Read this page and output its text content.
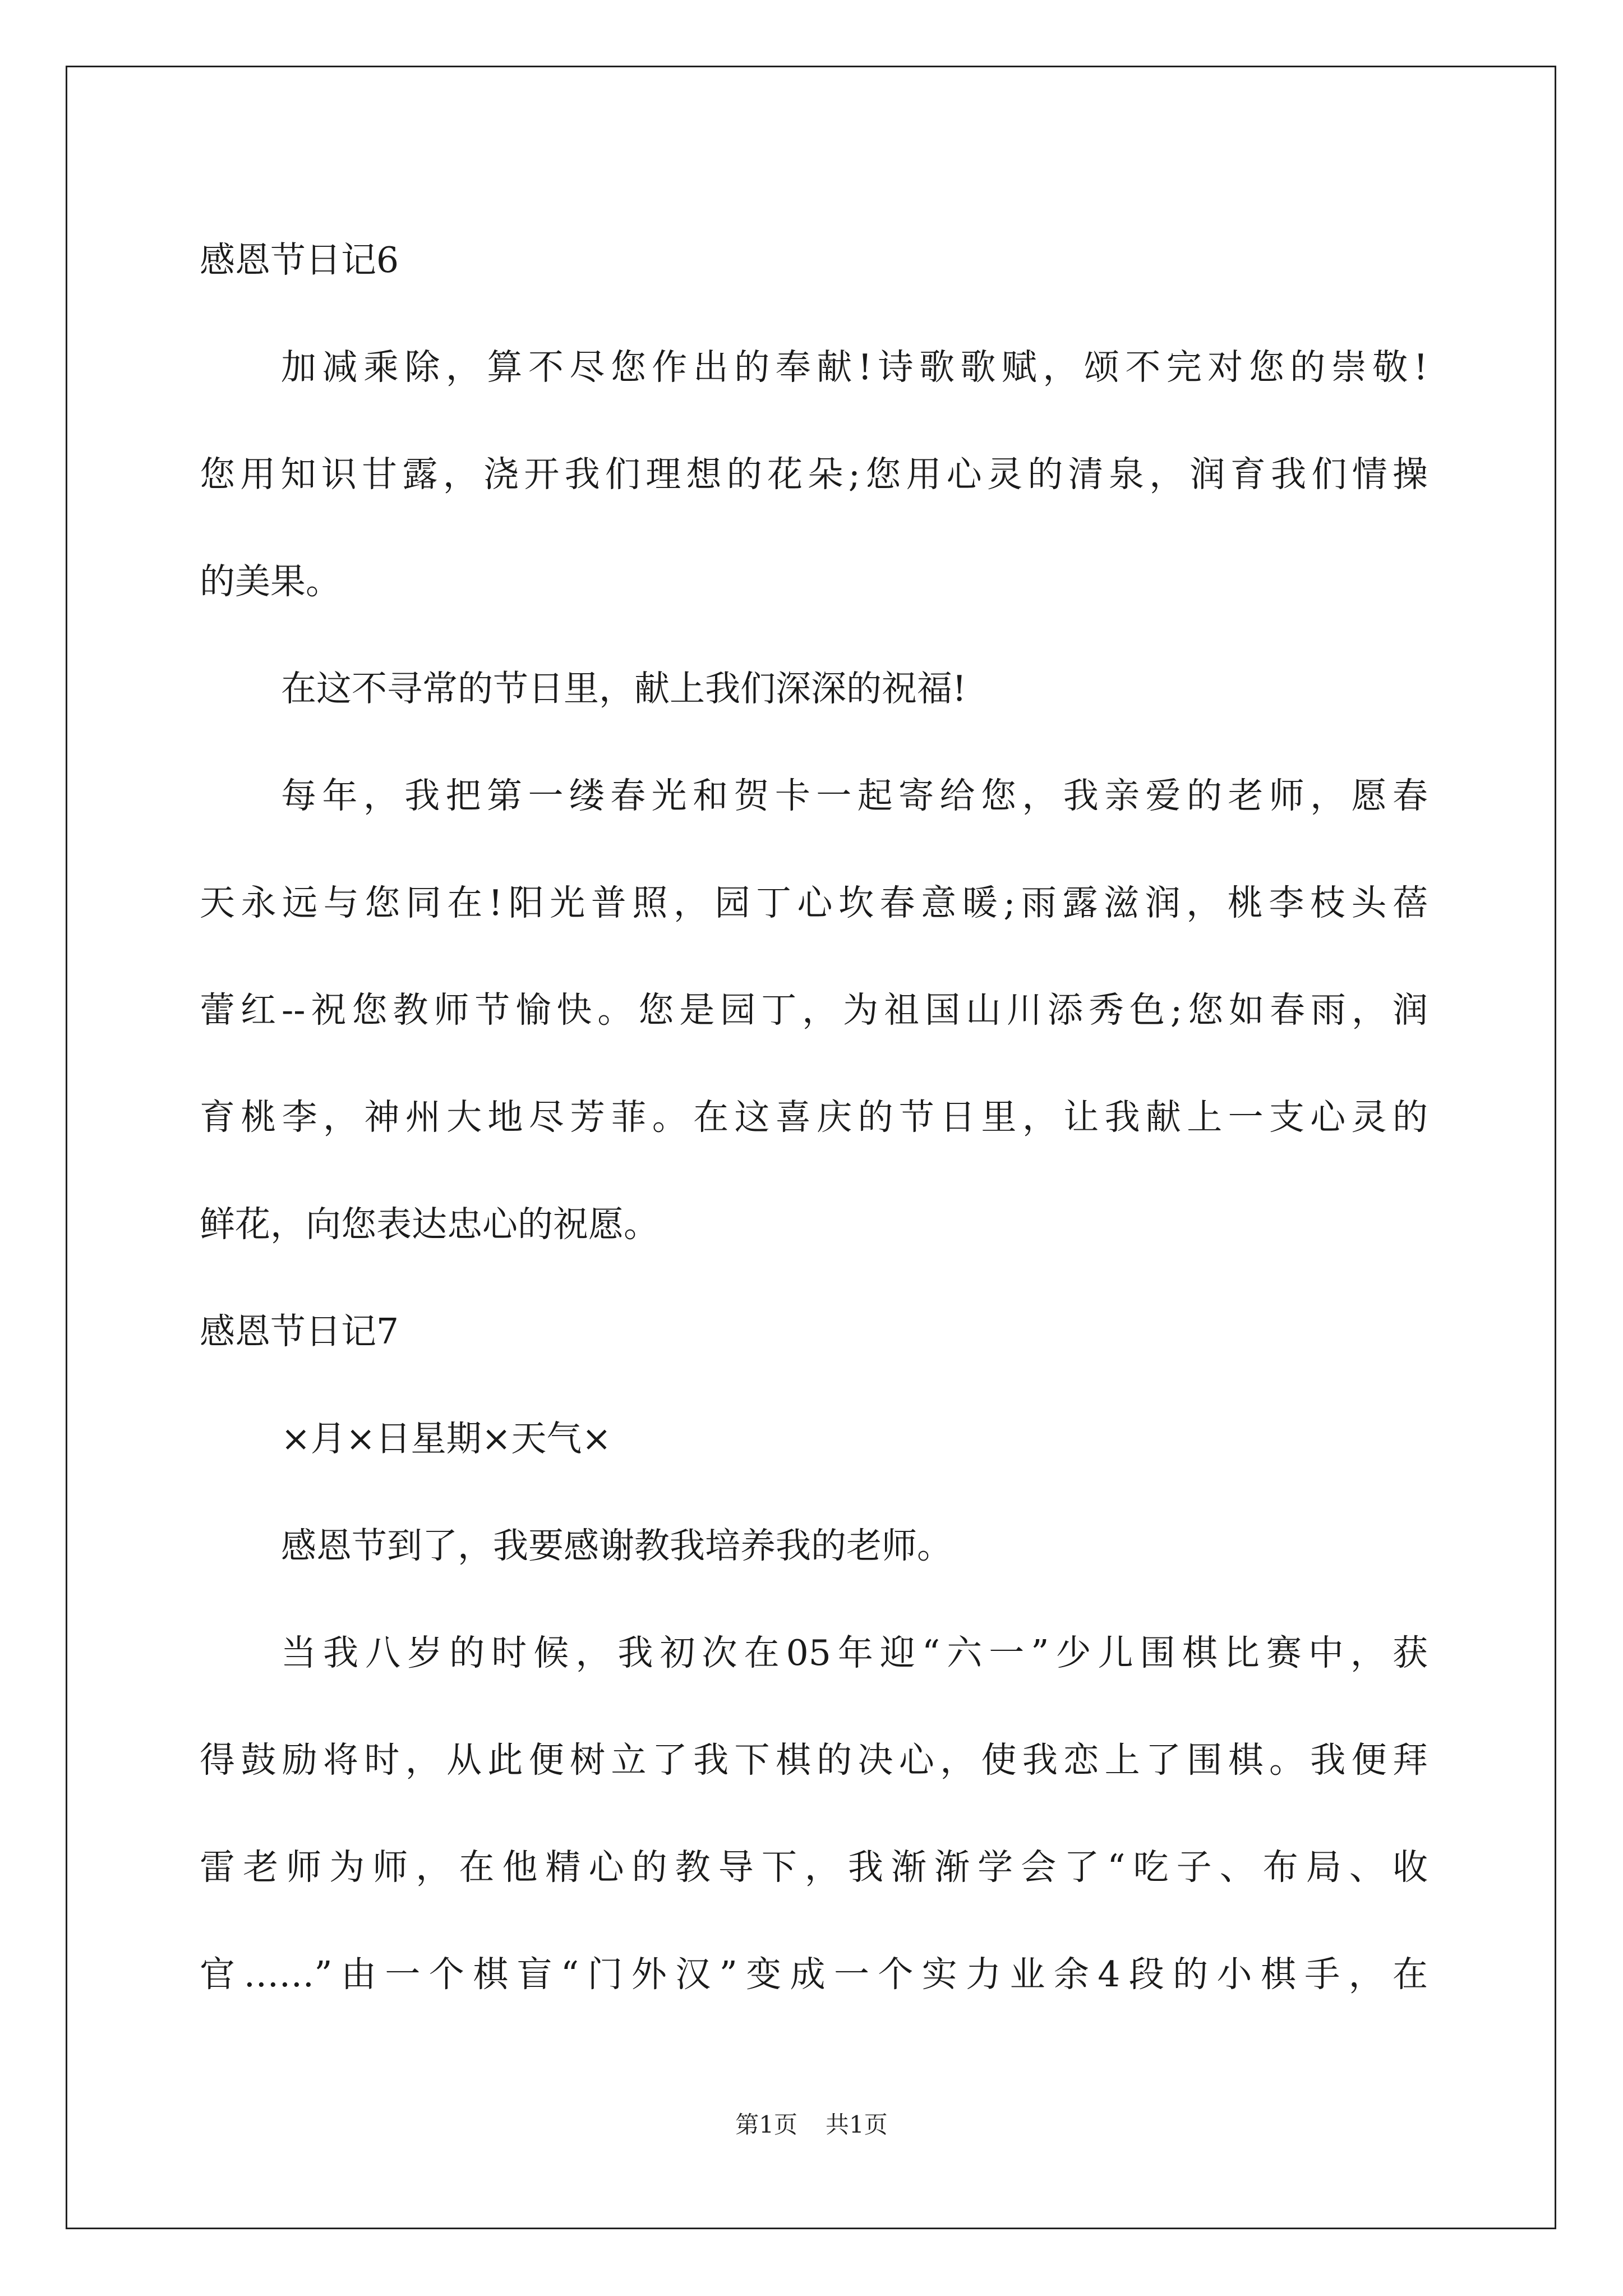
感恩节日记6
加减乘除，算不尽您作出的奉献!诗歌歌赋，颂不完对您的崇敬!
您用知识甘露，浇开我们理想的花朵;您用心灵的清泉，润育我们情操
的美果。
在这不寻常的节日里，献上我们深深的祝福!
每年，我把第一缕春光和贺卡一起寄给您，我亲爱的老师，愿春
天永远与您同在!阳光普照，园丁心坎春意暖;雨露滋润，桃李枝头蓓
蕾红--祝您教师节愉快。您是园丁，为祖国山川添秀色;您如春雨，润
育桃李，神州大地尽芳菲。在这喜庆的节日里，让我献上一支心灵的
鲜花，向您表达忠心的祝愿。
感恩节日记7
×月×日星期×天气×
感恩节到了，我要感谢教我培养我的老师。
当我八岁的时候，我初次在05年迎“六一”少儿围棋比赛中，获
得鼓励将时，从此便树立了我下棋的决心，使我恋上了围棋。我便拜
雷老师为师，在他精心的教导下，我渐渐学会了“吃子、布局、收
官……”由一个棋盲“门外汉”变成一个实力业余4段的小棋手，在
第1页 共1页
